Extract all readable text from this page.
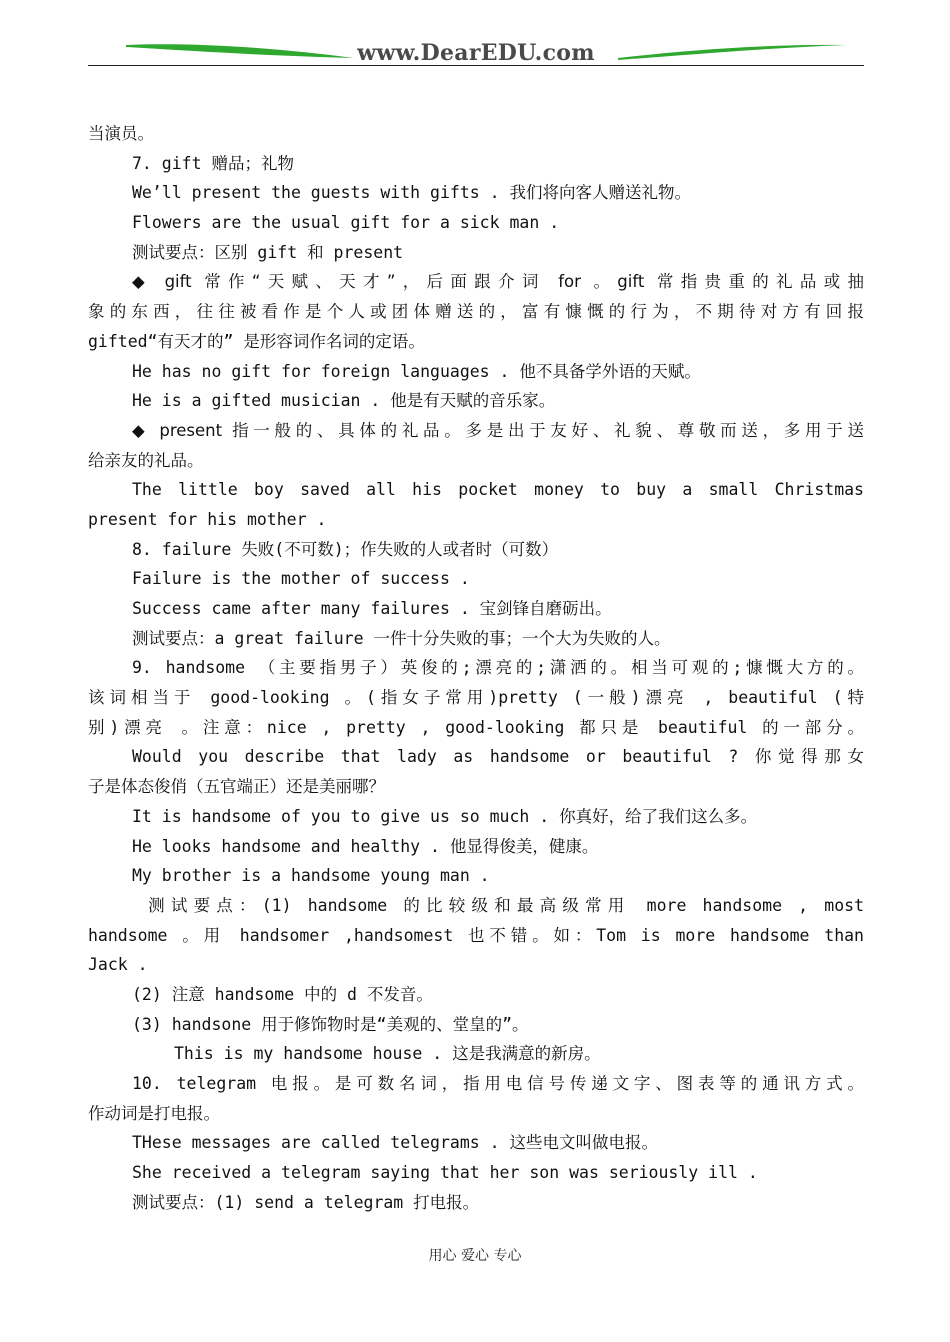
www.DearEDU.com
当演员。
7. gift 赠品；礼物
We’ll present the guests with gifts . 我们将向客人赠送礼物。
Flowers are the usual gift for a sick man .
测试要点：区别 gift 和 present
◆ gift 常作“天赋、天才”，后面跟介词 for 。gift 常指贵重的礼品或抽
象的东西，往往被看作是个人或团体赠送的，富有慷慨的行为，不期待对方有回报
gifted“有天才的” 是形容词作名词的定语。
He has no gift for foreign languages . 他不具备学外语的天赋。
He is a gifted musician . 他是有天赋的音乐家。
◆ present 指一般的、具体的礼品。多是出于友好、礼貌、尊敬而送，多用于送
给亲友的礼品。
The little boy saved all his pocket money to buy a small Christmas
present for his mother .
8. failure 失败(不可数)；作失败的人或者时（可数）
Failure is the mother of success .
Success came after many failures . 宝剑锋自磨砺出。
测试要点：a great failure 一件十分失败的事；一个大为失败的人。
9. handsome （主要指男子）英俊的;漂亮的;潇洒的。相当可观的;慷慨大方的。
该词相当于 good-looking 。(指女子常用)pretty (一般)漂亮 , beautiful (特
别)漂亮 。注意：nice , pretty , good-looking 都只是 beautiful 的一部分。
Would you describe that lady as handsome or beautiful ? 你觉得那女
子是体态俊俏（五官端正）还是美丽哪？
It is handsome of you to give us so much . 你真好，给了我们这么多。
He looks handsome and healthy . 他显得俊美，健康。
My brother is a handsome young man .
测试要点：(1) handsome 的比较级和最高级常用 more handsome , most
handsome 。用 handsomer ,handsomest 也不错。如：Tom is more handsome than
Jack .
(2) 注意 handsome 中的 d 不发音。
(3) handsone 用于修饰物时是“美观的、堂皇的”。
This is my handsome house . 这是我满意的新房。
10. telegram 电报。是可数名词，指用电信号传递文字、图表等的通讯方式。
作动词是打电报。
THese messages are called telegrams . 这些电文叫做电报。
She received a telegram saying that her son was seriously ill .
测试要点：(1) send a telegram 打电报。
用心 爱心 专心
